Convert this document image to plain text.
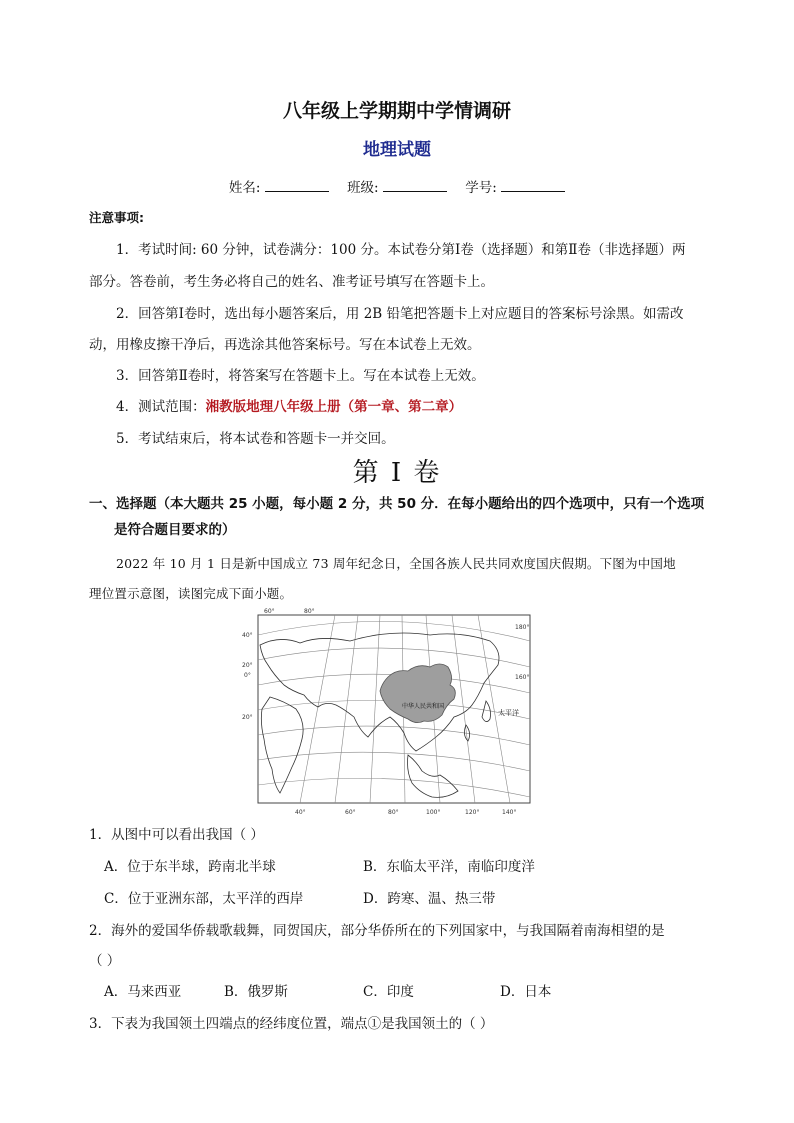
八年级上学期期中学情调研
地理试题
姓名:	班级:	学号:
注意事项:
1．考试时间: 60 分钟，试卷满分：100 分。本试卷分第Ⅰ卷（选择题）和第Ⅱ卷（非选择题）两
部分。答卷前，考生务必将自己的姓名、准考证号填写在答题卡上。
2．回答第Ⅰ卷时，选出每小题答案后，用 2B 铅笔把答题卡上对应题目的答案标号涂黑。如需改
动，用橡皮擦干净后，再选涂其他答案标号。写在本试卷上无效。
3．回答第Ⅱ卷时，将答案写在答题卡上。写在本试卷上无效。
4．测试范围：湘教版地理八年级上册（第一章、第二章）
5．考试结束后，将本试卷和答题卡一并交回。
第 I 卷
一、选择题（本大题共 25 小题，每小题 2 分，共 50 分．在每小题给出的四个选项中，只有一个选项
是符合题目要求的）
2022 年 10 月 1 日是新中国成立 73 周年纪念日，全国各族人民共同欢度国庆假期。下图为中国地
理位置示意图，读图完成下面小题。
中华人民共和国
太平洋
60°	80°
40°	60°	80°	100°	120°	140°
40°
20°
0°
20°
180°
160°
1．从图中可以看出我国（ ）
A．位于东半球，跨南北半球	B．东临太平洋，南临印度洋
C．位于亚洲东部，太平洋的西岸	D．跨寒、温、热三带
2．海外的爱国华侨载歌载舞，同贺国庆，部分华侨所在的下列国家中，与我国隔着南海相望的是
（ ）
A．马来西亚	B．俄罗斯	C．印度	D．日本
3．下表为我国领土四端点的经纬度位置，端点①是我国领土的（ ）
